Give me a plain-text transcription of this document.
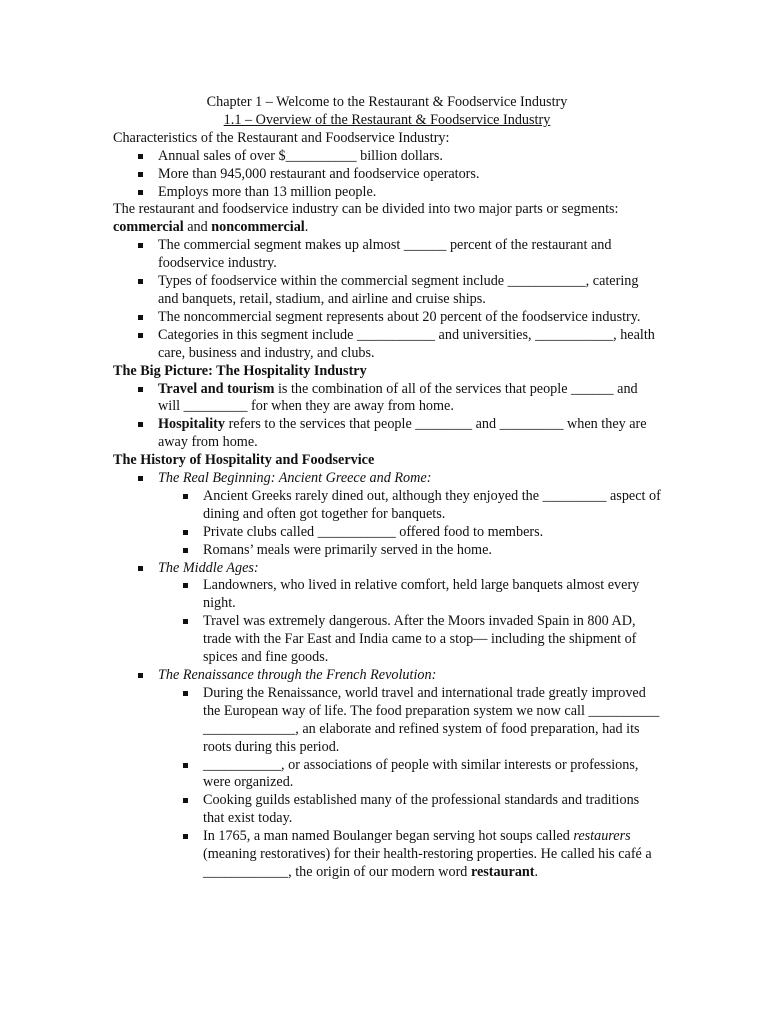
Chapter 1 – Welcome to the Restaurant & Foodservice Industry

1.1 – Overview of the Restaurant & Foodservice Industry

Characteristics of the Restaurant and Foodservice Industry:

Annual sales of over $__________ billion dollars.
More than 945,000 restaurant and foodservice operators.
Employs more than 13 million people.

The restaurant and foodservice industry can be divided into two major parts or segments: commercial and noncommercial.

The commercial segment makes up almost ______ percent of the restaurant and foodservice industry.
Types of foodservice within the commercial segment include ___________, catering and banquets, retail, stadium, and airline and cruise ships.
The noncommercial segment represents about 20 percent of the foodservice industry.
Categories in this segment include ___________ and universities, ___________, health care, business and industry, and clubs.

The Big Picture: The Hospitality Industry

Travel and tourism is the combination of all of the services that people ______ and will _________ for when they are away from home.
Hospitality refers to the services that people ________ and _________ when they are away from home.

The History of Hospitality and Foodservice

The Real Beginning: Ancient Greece and Rome:
Ancient Greeks rarely dined out, although they enjoyed the _________ aspect of dining and often got together for banquets.
Private clubs called ___________ offered food to members.
Romans’ meals were primarily served in the home.
The Middle Ages:
Landowners, who lived in relative comfort, held large banquets almost every night.
Travel was extremely dangerous. After the Moors invaded Spain in 800 AD, trade with the Far East and India came to a stop— including the shipment of spices and fine goods.
The Renaissance through the French Revolution:
During the Renaissance, world travel and international trade greatly improved the European way of life. The food preparation system we now call __________   _____________, an elaborate and refined system of food preparation, had its roots during this period.
___________, or associations of people with similar interests or professions, were organized.
Cooking guilds established many of the professional standards and traditions that exist today.
In 1765, a man named Boulanger began serving hot soups called restaurers (meaning restoratives) for their health-restoring properties. He called his café a ____________, the origin of our modern word restaurant.
